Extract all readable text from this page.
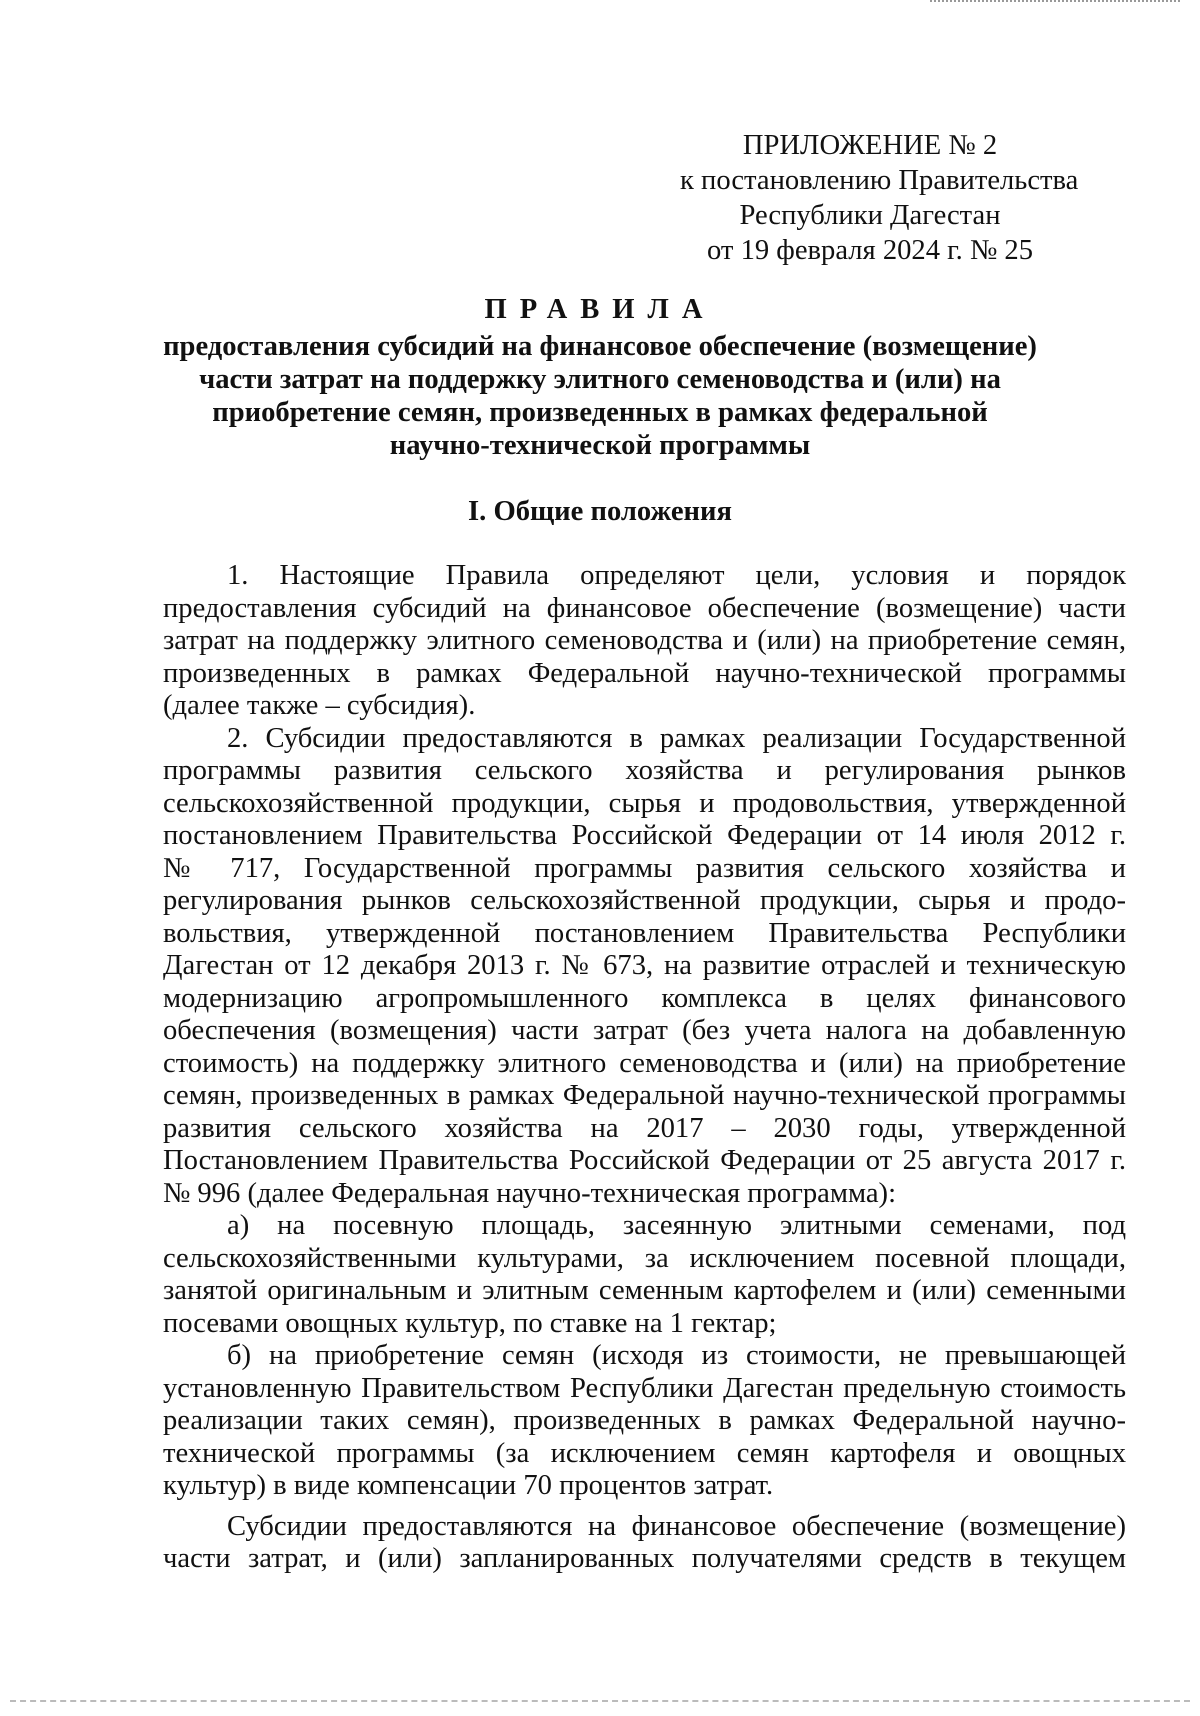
ПРИЛОЖЕНИЕ № 2
к постановлению Правительства
Республики Дагестан
от 19 февраля 2024 г. № 25
ПРАВИЛА
предоставления субсидий на финансовое обеспечение (возмещение)
части затрат на поддержку элитного семеноводства и (или) на
приобретение семян, произведенных в рамках федеральной
научно-технической программы
I. Общие положения
1. Настоящие Правила определяют цели, условия и порядок
предоставления субсидий на финансовое обеспечение (возмещение) части
затрат на поддержку элитного семеноводства и (или) на приобретение семян,
произведенных в рамках Федеральной научно-технической программы
(далее также – субсидия).
2. Субсидии предоставляются в рамках реализации Государственной
программы развития сельского хозяйства и регулирования рынков
сельскохозяйственной продукции, сырья и продовольствия, утвержденной
постановлением Правительства Российской Федерации от 14 июля 2012 г.
№ 717, Государственной программы развития сельского хозяйства и
регулирования рынков сельскохозяйственной продукции, сырья и продо-
вольствия, утвержденной постановлением Правительства Республики
Дагестан от 12 декабря 2013 г. № 673, на развитие отраслей и техническую
модернизацию агропромышленного комплекса в целях финансового
обеспечения (возмещения) части затрат (без учета налога на добавленную
стоимость) на поддержку элитного семеноводства и (или) на приобретение
семян, произведенных в рамках Федеральной научно-технической программы
развития сельского хозяйства на 2017 – 2030 годы, утвержденной
Постановлением Правительства Российской Федерации от 25 августа 2017 г.
№ 996 (далее Федеральная научно-техническая программа):
а) на посевную площадь, засеянную элитными семенами, под
сельскохозяйственными культурами, за исключением посевной площади,
занятой оригинальным и элитным семенным картофелем и (или) семенными
посевами овощных культур, по ставке на 1 гектар;
б) на приобретение семян (исходя из стоимости, не превышающей
установленную Правительством Республики Дагестан предельную стоимость
реализации таких семян), произведенных в рамках Федеральной научно-
технической программы (за исключением семян картофеля и овощных
культур) в виде компенсации 70 процентов затрат.
Субсидии предоставляются на финансовое обеспечение (возмещение)
части затрат, и (или) запланированных получателями средств в текущем
